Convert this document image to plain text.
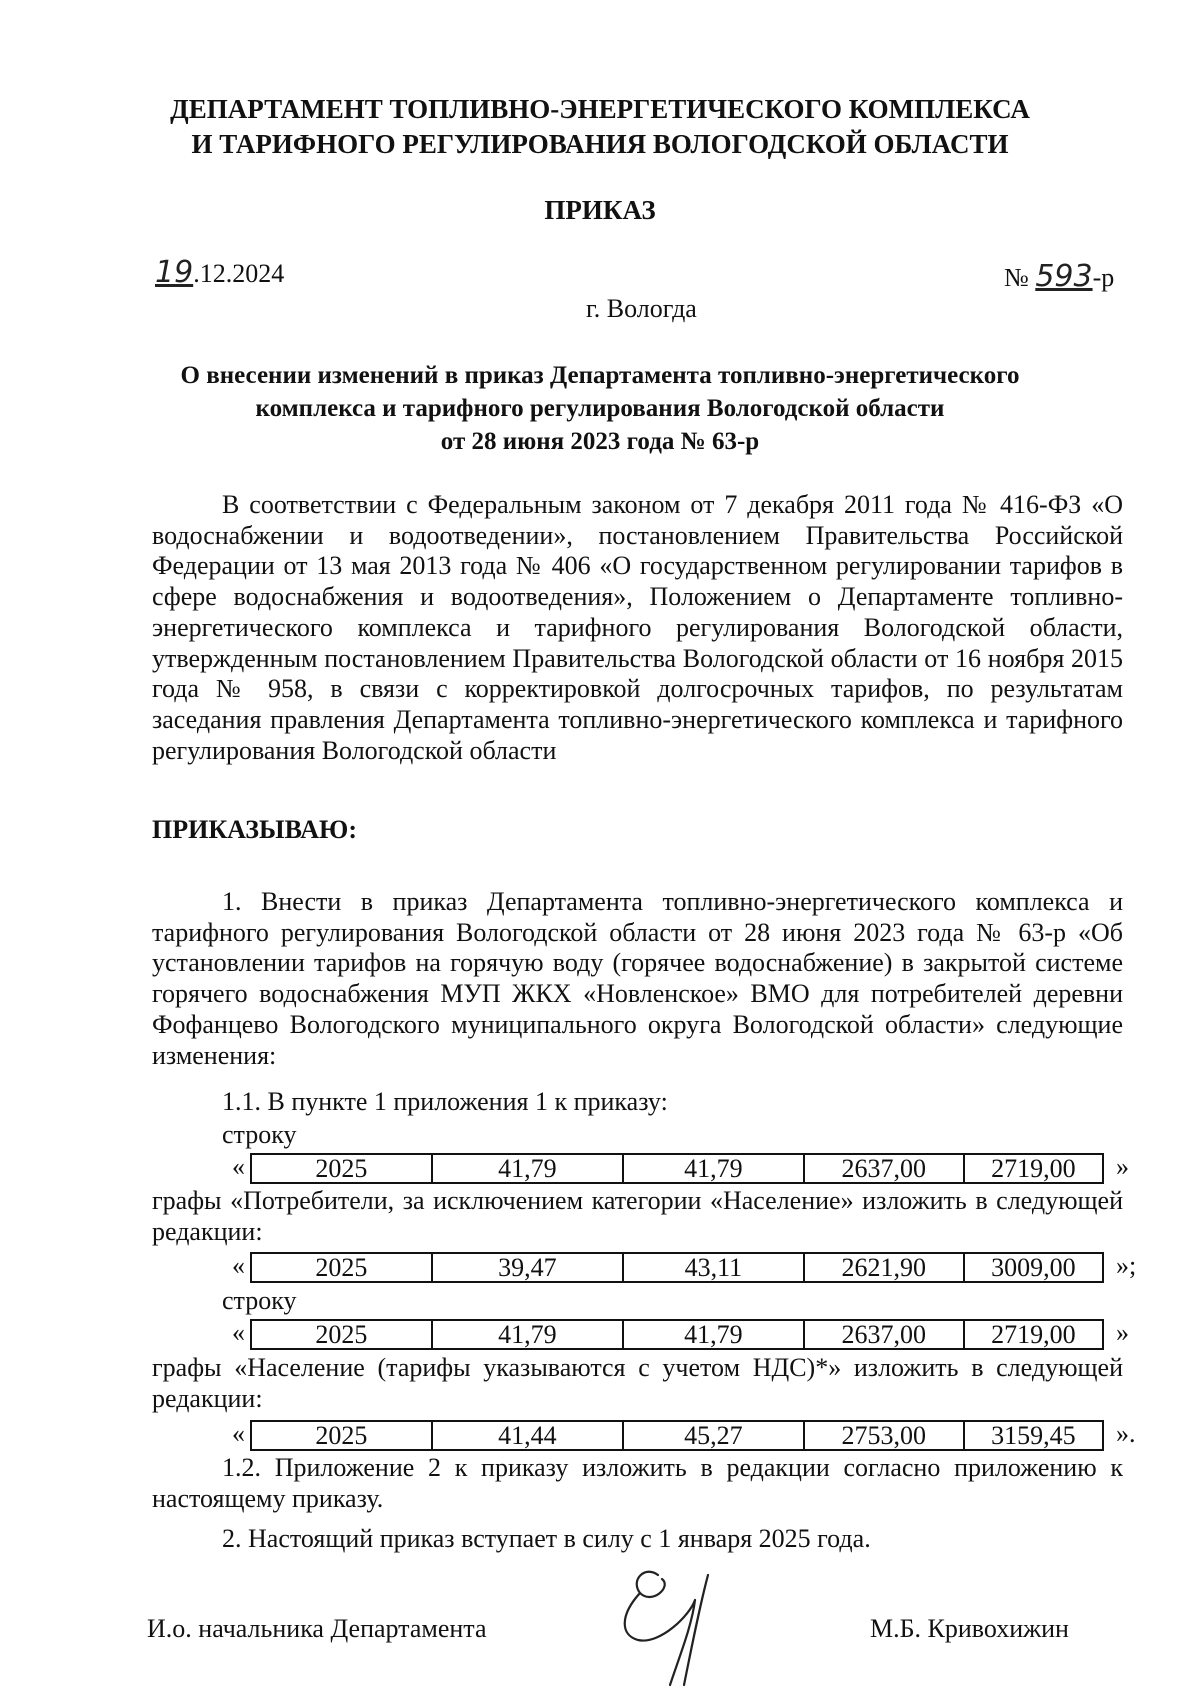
ДЕПАРТАМЕНТ ТОПЛИВНО-ЭНЕРГЕТИЧЕСКОГО КОМПЛЕКСА
И ТАРИФНОГО РЕГУЛИРОВАНИЯ ВОЛОГОДСКОЙ ОБЛАСТИ
ПРИКАЗ
19.12.2024	№ 593-р
г. Вологда
О внесении изменений в приказ Департамента топливно-энергетического
комплекса и тарифного регулирования Вологодской области
от 28 июня 2023 года № 63-р

В соответствии с Федеральным законом от 7 декабря 2011 года № 416-ФЗ «О водоснабжении и водоотведении», постановлением Правительства Российской Федерации от 13 мая 2013 года № 406 «О государственном регулировании тарифов в сфере водоснабжения и водоотведения», Положением о Департаменте топливно-энергетического комплекса и тарифного регулирования Вологодской области, утвержденным постановлением Правительства Вологодской области от 16 ноября 2015 года № 958, в связи с корректировкой долгосрочных тарифов, по результатам заседания правления Департамента топливно-энергетического комплекса и тарифного регулирования Вологодской области

ПРИКАЗЫВАЮ:

1. Внести в приказ Департамента топливно-энергетического комплекса и тарифного регулирования Вологодской области от 28 июня 2023 года № 63-р «Об установлении тарифов на горячую воду (горячее водоснабжение) в закрытой системе горячего водоснабжения МУП ЖКХ «Новленское» ВМО для потребителей деревни Фофанцево Вологодского муниципального округа Вологодской области» следующие изменения:

1.1. В пункте 1 приложения 1 к приказу:
строку
«	2025	41,79	41,79	2637,00	2719,00 »

графы «Потребители, за исключением категории «Население» изложить в следующей редакции:

«	2025	39,47	43,11	2621,90	3009,00 »;
строку
«	2025	41,79	41,79	2637,00	2719,00 »

графы «Население (тарифы указываются с учетом НДС)*» изложить в следующей редакции:

«	2025	41,44	45,27	2753,00	3159,45 ».

1.2. Приложение 2 к приказу изложить в редакции согласно приложению к настоящему приказу.

2. Настоящий приказ вступает в силу с 1 января 2025 года.
И.о. начальника Департамента	М.Б. Кривохижин
